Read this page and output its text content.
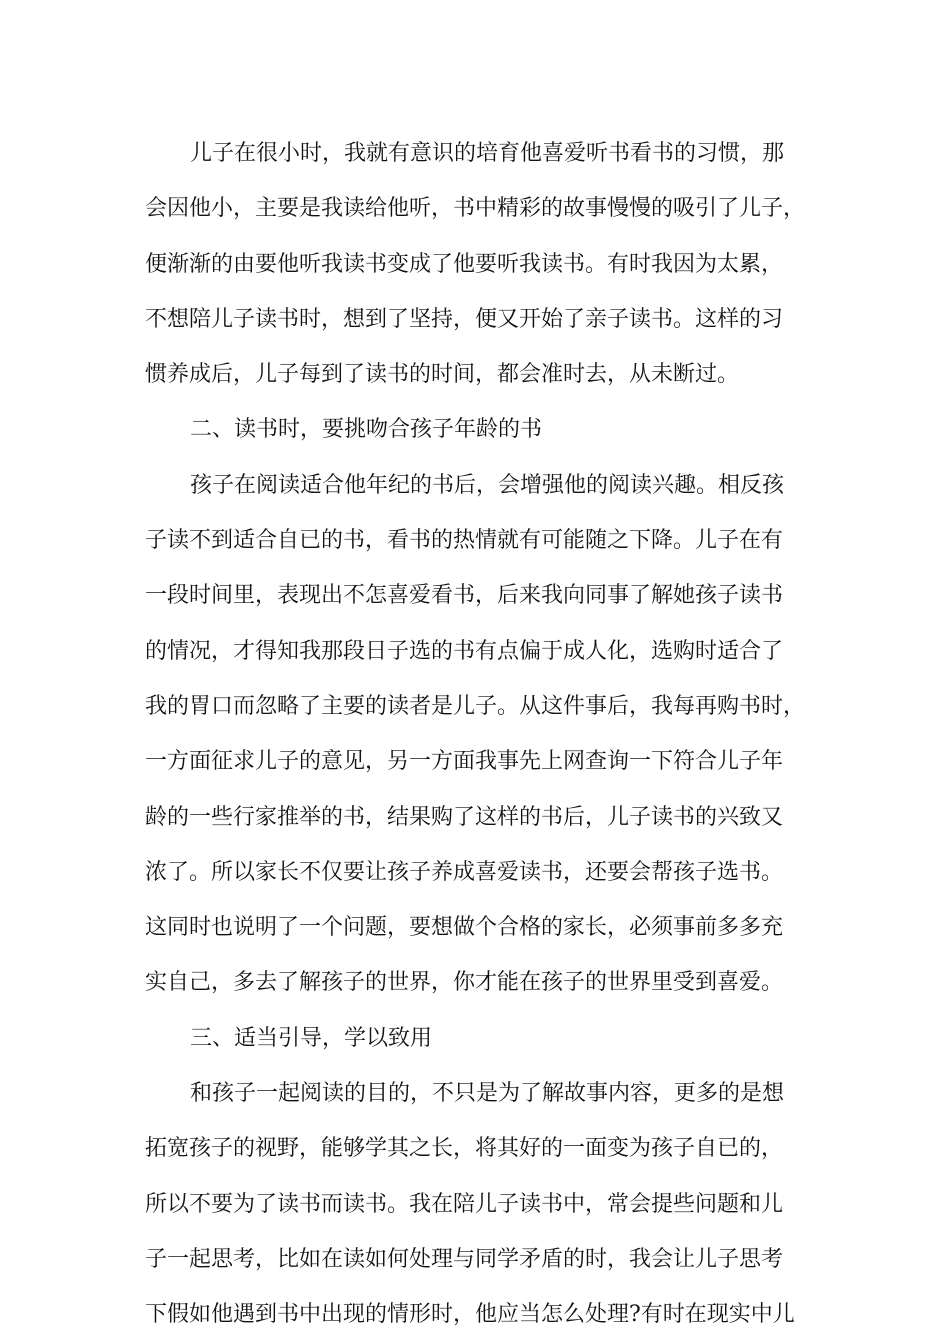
儿子在很小时，我就有意识的培育他喜爱听书看书的习惯，那
会因他小，主要是我读给他听，书中精彩的故事慢慢的吸引了儿子，
便渐渐的由要他听我读书变成了他要听我读书。有时我因为太累，
不想陪儿子读书时，想到了坚持，便又开始了亲子读书。这样的习
惯养成后，儿子每到了读书的时间，都会准时去，从未断过。
二、读书时，要挑吻合孩子年龄的书
孩子在阅读适合他年纪的书后，会增强他的阅读兴趣。相反孩
子读不到适合自已的书，看书的热情就有可能随之下降。儿子在有
一段时间里，表现出不怎喜爱看书，后来我向同事了解她孩子读书
的情况，才得知我那段日子选的书有点偏于成人化，选购时适合了
我的胃口而忽略了主要的读者是儿子。从这件事后，我每再购书时，
一方面征求儿子的意见，另一方面我事先上网查询一下符合儿子年
龄的一些行家推举的书，结果购了这样的书后，儿子读书的兴致又
浓了。所以家长不仅要让孩子养成喜爱读书，还要会帮孩子选书。
这同时也说明了一个问题，要想做个合格的家长，必须事前多多充
实自己，多去了解孩子的世界，你才能在孩子的世界里受到喜爱。
三、适当引导，学以致用
和孩子一起阅读的目的，不只是为了解故事内容，更多的是想
拓宽孩子的视野，能够学其之长，将其好的一面变为孩子自已的，
所以不要为了读书而读书。我在陪儿子读书中，常会提些问题和儿
子一起思考，比如在读如何处理与同学矛盾的时，我会让儿子思考
下假如他遇到书中出现的情形时，他应当怎么处理?有时在现实中儿
